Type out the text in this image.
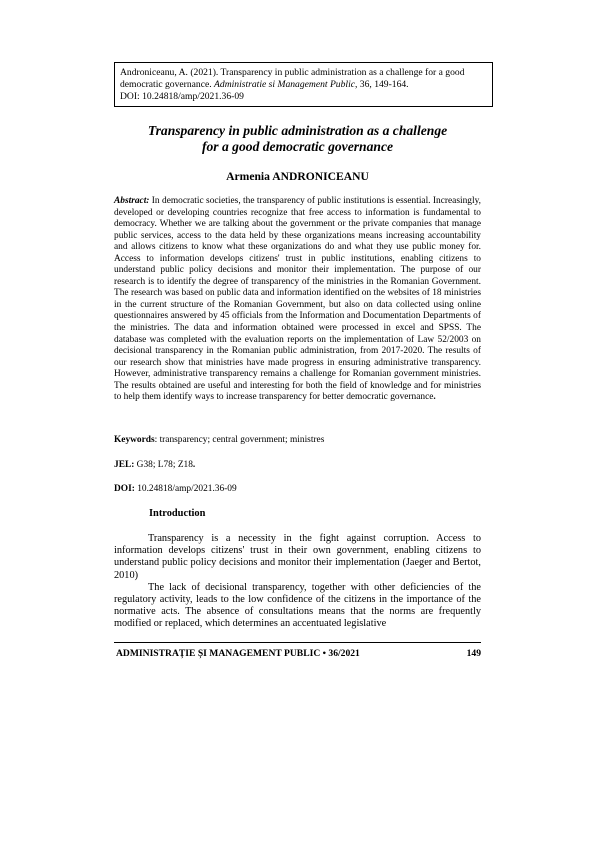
Androniceanu, A. (2021). Transparency in public administration as a challenge for a good democratic governance. Administratie si Management Public, 36, 149-164.
DOI: 10.24818/amp/2021.36-09
Transparency in public administration as a challenge
for a good democratic governance
Armenia ANDRONICEANU
Abstract: In democratic societies, the transparency of public institutions is essential. Increasingly, developed or developing countries recognize that free access to information is fundamental to democracy. Whether we are talking about the government or the private companies that manage public services, access to the data held by these organizations means increasing accountability and allows citizens to know what these organizations do and what they use public money for. Access to information develops citizens' trust in public institutions, enabling citizens to understand public policy decisions and monitor their implementation. The purpose of our research is to identify the degree of transparency of the ministries in the Romanian Government. The research was based on public data and information identified on the websites of 18 ministries in the current structure of the Romanian Government, but also on data collected using online questionnaires answered by 45 officials from the Information and Documentation Departments of the ministries. The data and information obtained were processed in excel and SPSS. The database was completed with the evaluation reports on the implementation of Law 52/2003 on decisional transparency in the Romanian public administration, from 2017-2020. The results of our research show that ministries have made progress in ensuring administrative transparency. However, administrative transparency remains a challenge for Romanian government ministries. The results obtained are useful and interesting for both the field of knowledge and for ministries to help them identify ways to increase transparency for better democratic governance.
Keywords: transparency; central government; ministres
JEL: G38; L78; Z18.
DOI: 10.24818/amp/2021.36-09
Introduction

Transparency is a necessity in the fight against corruption. Access to information develops citizens' trust in their own government, enabling citizens to understand public policy decisions and monitor their implementation (Jaeger and Bertot, 2010)

The lack of decisional transparency, together with other deficiencies of the regulatory activity, leads to the low confidence of the citizens in the importance of the normative acts. The absence of consultations means that the norms are frequently modified or replaced, which determines an accentuated legislative

ADMINISTRAȚIE ȘI MANAGEMENT PUBLIC • 36/2021	149
